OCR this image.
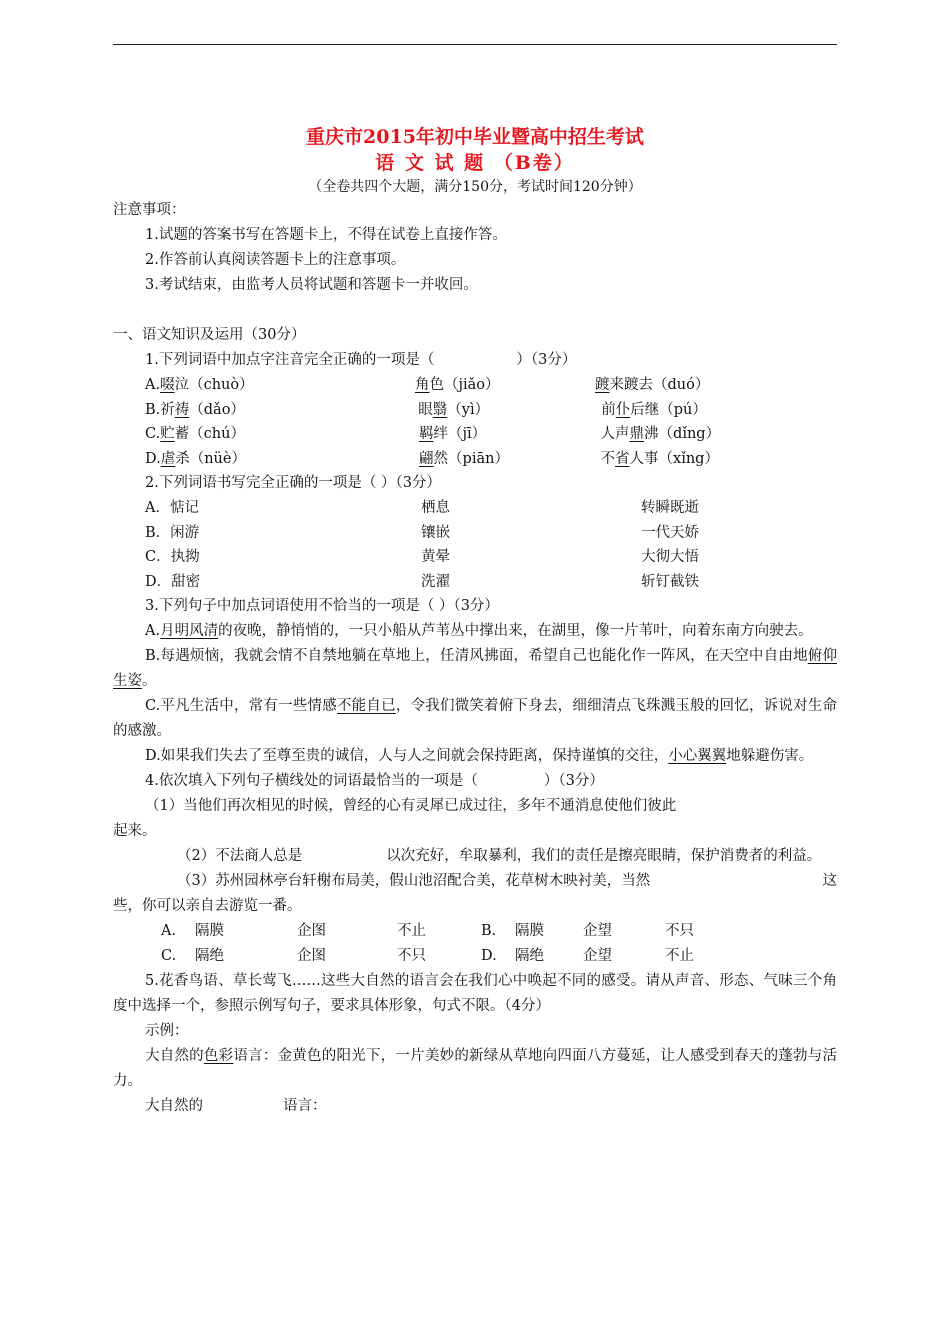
重庆市2015年初中毕业暨高中招生考试
语 文 试 题 （B卷）
（全卷共四个大题，满分150分，考试时间120分钟）
注意事项：
1.试题的答案书写在答题卡上，不得在试卷上直接作答。
2.作答前认真阅读答题卡上的注意事项。
3.考试结束，由监考人员将试题和答题卡一并收回。
一、语文知识及运用（30分）
1.下列词语中加点字注音完全正确的一项是（	）（3分）
A.啜泣（chuò）	角色（jiǎo）	踱来踱去（duó）
B.祈祷（dǎo）	眼翳（yì）	前仆后继（pú）
C.贮蓄（chú）	羁绊（jī）	人声鼎沸（dǐng）
D.虐杀（nüè）	翩然（piān）	不省人事（xǐng）
2.下列词语书写完全正确的一项是（ ）（3分）
A．惦记	栖息	转瞬既逝
B．闲游	镶嵌	一代天娇
C．执拗	黄晕	大彻大悟
D．甜密	洗濯	斩钉截铁
3.下列句子中加点词语使用不恰当的一项是（ ）（3分）
A.月明风清的夜晚，静悄悄的，一只小船从芦苇丛中撑出来，在湖里，像一片苇叶，向着东南方向驶去。
B.每遇烦恼，我就会情不自禁地躺在草地上，任清风拂面，希望自己也能化作一阵风，在天空中自由地俯仰生姿。
C.平凡生活中，常有一些情感不能自已，令我们微笑着俯下身去，细细清点飞珠溅玉般的回忆，诉说对生命的感激。
D.如果我们失去了至尊至贵的诚信，人与人之间就会保持距离，保持谨慎的交往，小心翼翼地躲避伤害。
4.依次填入下列句子横线处的词语最恰当的一项是（	）（3分）
（1）当他们再次相见的时候，曾经的心有灵犀已成过往，多年不通消息使他们彼此
起来。
（2）不法商人总是	以次充好，牟取暴利，我们的责任是擦亮眼睛，保护消费者的利益。
（3）苏州园林亭台轩榭布局美，假山池沼配合美，花草树木映衬美，当然	这
些，你可以亲自去游览一番。
A.	隔膜	企图	不止	B.	隔膜	企望	不只
C.	隔绝	企图	不只	D.	隔绝	企望	不止
5.花香鸟语、草长莺飞……这些大自然的语言会在我们心中唤起不同的感受。请从声音、形态、气味三个角度中选择一个，参照示例写句子，要求具体形象，句式不限。（4分）
示例：
大自然的色彩语言：金黄色的阳光下，一片美妙的新绿从草地向四面八方蔓延，让人感受到春天的蓬勃与活力。
大自然的	语言：
